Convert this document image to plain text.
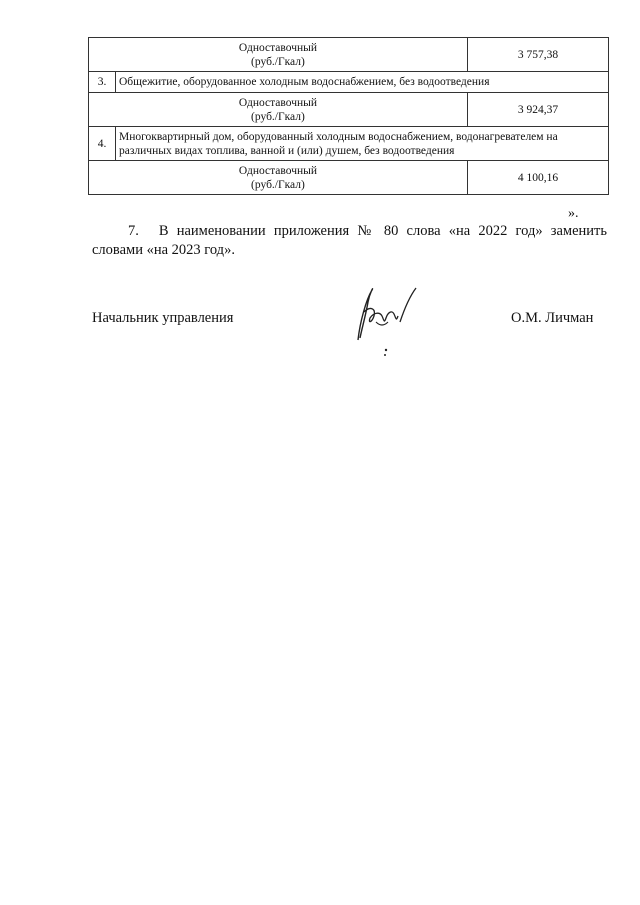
Одноставочный
(руб./Гкал)		3 757,38
3.	Общежитие, оборудованное холодным водоснабжением, без водоотведения	

Одноставочный
(руб./Гкал)		3 924,37
4.	Многоквартирный дом, оборудованный холодным водоснабжением, водонагревателем на различных видах топлива, ванной и (или) душем, без водоотведения	

Одноставочный
(руб./Гкал)		4 100,16
».

7. В наименовании приложения № 80 слова «на 2022 год» заменить словами «на 2023 год».

Начальник управления	О.М. Личман
